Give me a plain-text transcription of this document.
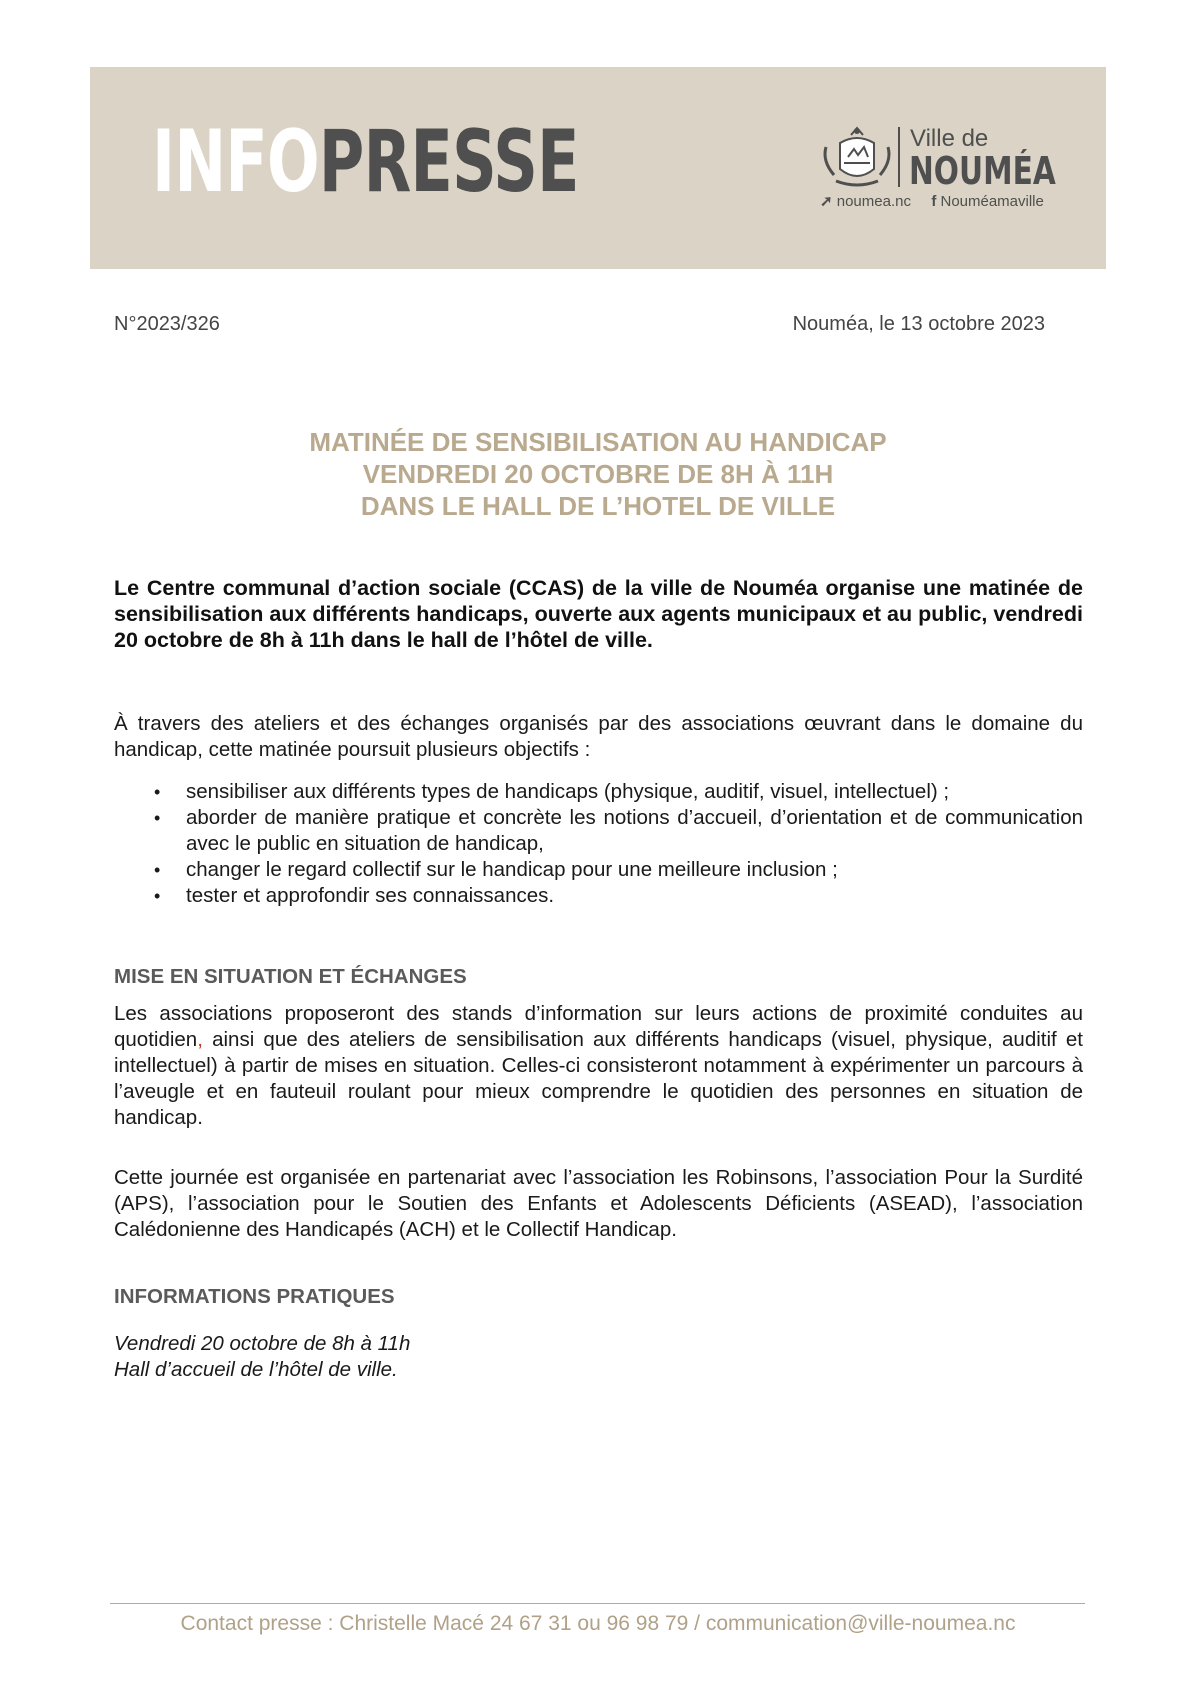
INFOPRESSE	Ville de
NOUMÉA
➚ noumea.nc f Nouméamaville
N°2023/326	Nouméa, le 13 octobre 2023
MATINÉE DE SENSIBILISATION AU HANDICAP
VENDREDI 20 OCTOBRE DE 8H À 11H
DANS LE HALL DE L’HOTEL DE VILLE
Le Centre communal d’action sociale (CCAS) de la ville de Nouméa organise une matinée de sensibilisation aux différents handicaps, ouverte aux agents municipaux et au public, vendredi 20 octobre de 8h à 11h dans le hall de l’hôtel de ville.
À travers des ateliers et des échanges organisés par des associations œuvrant dans le domaine du handicap, cette matinée poursuit plusieurs objectifs :
• sensibiliser aux différents types de handicaps (physique, auditif, visuel, intellectuel) ;
• aborder de manière pratique et concrète les notions d’accueil, d’orientation et de communication avec le public en situation de handicap,
• changer le regard collectif sur le handicap pour une meilleure inclusion ;
• tester et approfondir ses connaissances.
MISE EN SITUATION ET ÉCHANGES
Les associations proposeront des stands d’information sur leurs actions de proximité conduites au quotidien, ainsi que des ateliers de sensibilisation aux différents handicaps (visuel, physique, auditif et intellectuel) à partir de mises en situation. Celles-ci consisteront notamment à expérimenter un parcours à l’aveugle et en fauteuil roulant pour mieux comprendre le quotidien des personnes en situation de handicap.
Cette journée est organisée en partenariat avec l’association les Robinsons, l’association Pour la Surdité (APS), l’association pour le Soutien des Enfants et Adolescents Déficients (ASEAD), l’association Calédonienne des Handicapés (ACH) et le Collectif Handicap.
INFORMATIONS PRATIQUES
Vendredi 20 octobre de 8h à 11h
Hall d’accueil de l’hôtel de ville.
Contact presse : Christelle Macé 24 67 31 ou 96 98 79 / communication@ville-noumea.nc
